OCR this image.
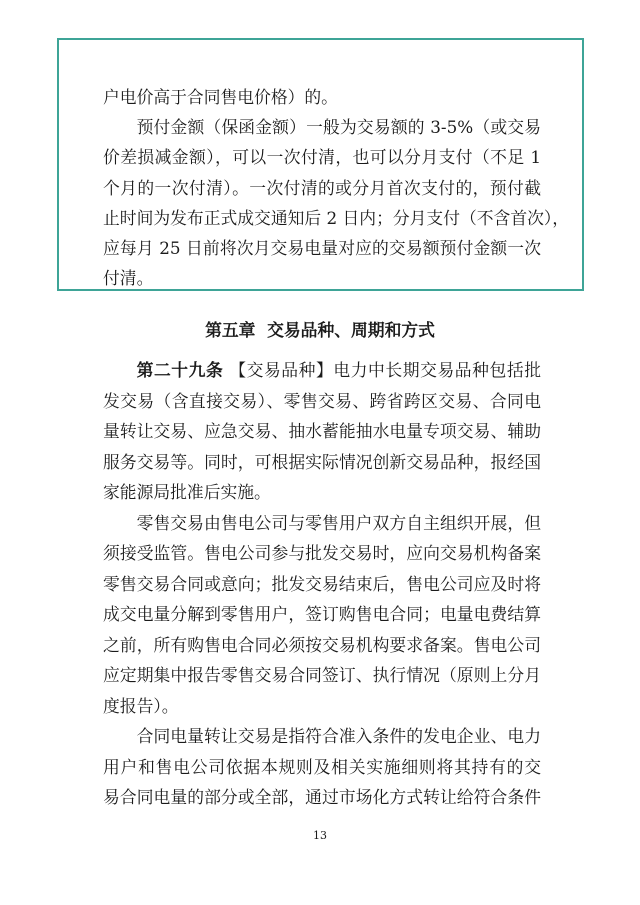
户电价高于合同售电价格）的。
预付金额（保函金额）一般为交易额的 3-5%（或交易
价差损减金额），可以一次付清，也可以分月支付（不足 1
个月的一次付清）。一次付清的或分月首次支付的，预付截
止时间为发布正式成交通知后 2 日内；分月支付（不含首次），
应每月 25 日前将次月交易电量对应的交易额预付金额一次
付清。
第五章  交易品种、周期和方式
第二十九条 【交易品种】电力中长期交易品种包括批
发交易（含直接交易）、零售交易、跨省跨区交易、合同电
量转让交易、应急交易、抽水蓄能抽水电量专项交易、辅助
服务交易等。同时，可根据实际情况创新交易品种，报经国
家能源局批准后实施。
零售交易由售电公司与零售用户双方自主组织开展，但
须接受监管。售电公司参与批发交易时，应向交易机构备案
零售交易合同或意向；批发交易结束后，售电公司应及时将
成交电量分解到零售用户，签订购售电合同；电量电费结算
之前，所有购售电合同必须按交易机构要求备案。售电公司
应定期集中报告零售交易合同签订、执行情况（原则上分月
度报告）。
合同电量转让交易是指符合准入条件的发电企业、电力
用户和售电公司依据本规则及相关实施细则将其持有的交
易合同电量的部分或全部，通过市场化方式转让给符合条件
13
